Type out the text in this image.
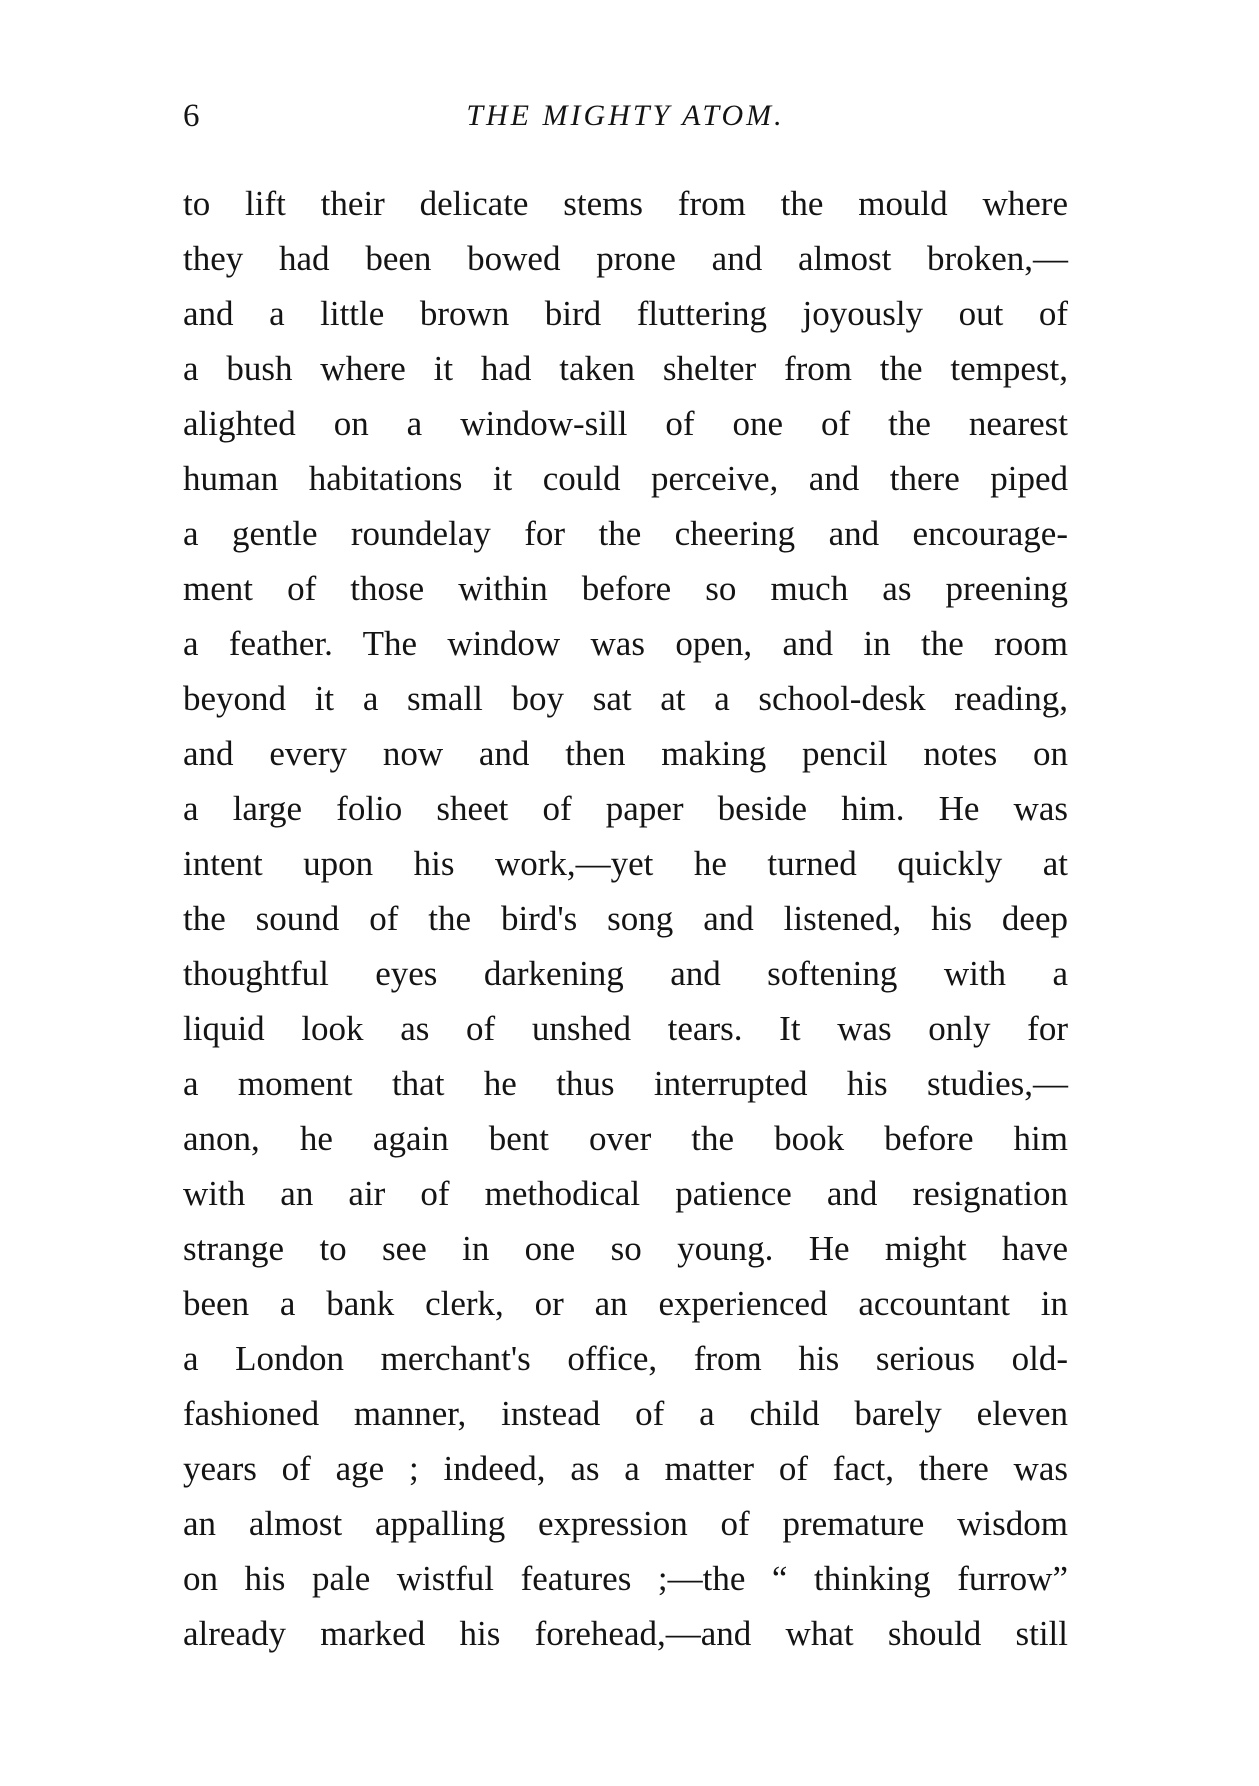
6	THE MIGHTY ATOM.
to lift their delicate stems from the mould where
they had been bowed prone and almost broken,—
and a little brown bird fluttering joyously out of
a bush where it had taken shelter from the tempest,
alighted on a window-sill of one of the nearest
human habitations it could perceive, and there piped
a gentle roundelay for the cheering and encourage-
ment of those within before so much as preening
a feather. The window was open, and in the room
beyond it a small boy sat at a school-desk reading,
and every now and then making pencil notes on
a large folio sheet of paper beside him. He was
intent upon his work,—yet he turned quickly at
the sound of the bird's song and listened, his deep
thoughtful eyes darkening and softening with a
liquid look as of unshed tears. It was only for
a moment that he thus interrupted his studies,—
anon, he again bent over the book before him
with an air of methodical patience and resignation
strange to see in one so young. He might have
been a bank clerk, or an experienced accountant in
a London merchant's office, from his serious old-
fashioned manner, instead of a child barely eleven
years of age ; indeed, as a matter of fact, there was
an almost appalling expression of premature wisdom
on his pale wistful features ;—the “ thinking furrow”
already marked his forehead,—and what should still
